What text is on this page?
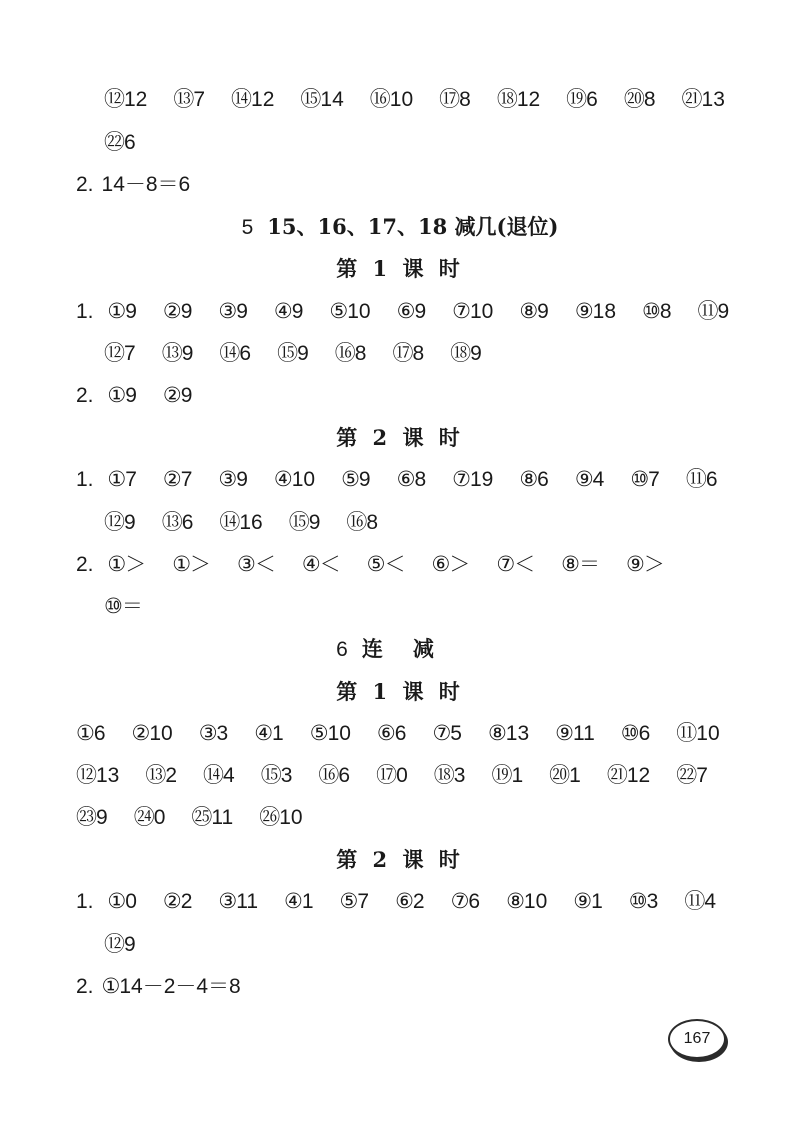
⑫12 ⑬7 ⑭12 ⑮14 ⑯10 ⑰8 ⑱12 ⑲6 ⑳8 ㉑13
㉒6
2. 14－8＝6
5 15、16、17、18 减几(退位)
第 1 课 时
1. ①9 ②9 ③9 ④9 ⑤10 ⑥9 ⑦10 ⑧9 ⑨18 ⑩8 ⑪9
⑫7 ⑬9 ⑭6 ⑮9 ⑯8 ⑰8 ⑱9
2. ①9 ②9
第 2 课 时
1. ①7 ②7 ③9 ④10 ⑤9 ⑥8 ⑦19 ⑧6 ⑨4 ⑩7 ⑪6
⑫9 ⑬6 ⑭16 ⑮9 ⑯8
2. ①＞ ①＞ ③＜ ④＜ ⑤＜ ⑥＞ ⑦＜ ⑧＝ ⑨＞
⑩＝
6 连减
第 1 课 时
①6 ②10 ③3 ④1 ⑤10 ⑥6 ⑦5 ⑧13 ⑨11 ⑩6 ⑪10
⑫13 ⑬2 ⑭4 ⑮3 ⑯6 ⑰0 ⑱3 ⑲1 ⑳1 ㉑12 ㉒7
㉓9 ㉔0 ㉕11 ㉖10
第 2 课 时
1. ①0 ②2 ③11 ④1 ⑤7 ⑥2 ⑦6 ⑧10 ⑨1 ⑩3 ⑪4
⑫9
2. ①14－2－4＝8
167
